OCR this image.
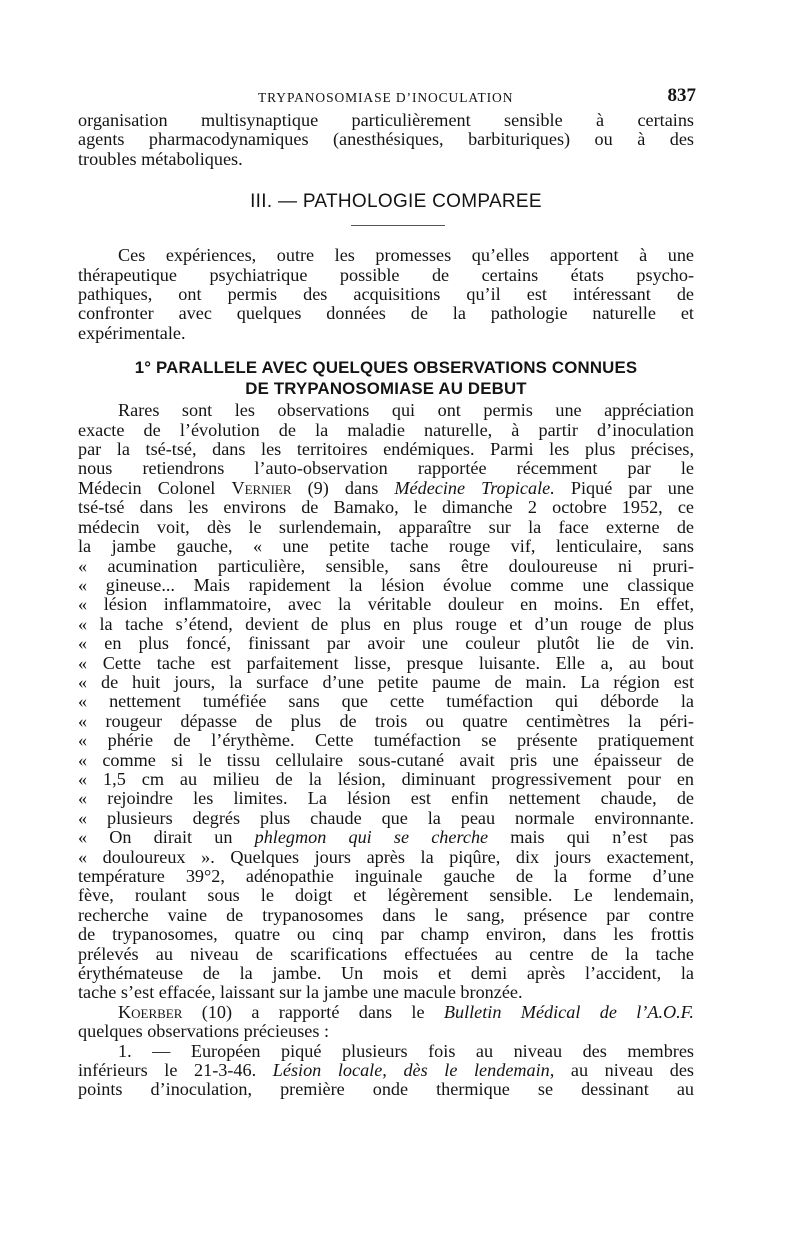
TRYPANOSOMIASE D’INOCULATION	837

organisation multisynaptique particulièrement sensible à certains
agents pharmacodynamiques (anesthésiques, barbituriques) ou à des
troubles métaboliques.

III. — PATHOLOGIE COMPAREE

Ces expériences, outre les promesses qu’elles apportent à une
thérapeutique psychiatrique possible de certains états psycho-
pathiques, ont permis des acquisitions qu’il est intéressant de
confronter avec quelques données de la pathologie naturelle et
expérimentale.

1° PARALLELE AVEC QUELQUES OBSERVATIONS CONNUES
DE TRYPANOSOMIASE AU DEBUT

Rares sont les observations qui ont permis une appréciation
exacte de l’évolution de la maladie naturelle, à partir d’inoculation
par la tsé-tsé, dans les territoires endémiques. Parmi les plus précises,
nous retiendrons l’auto-observation rapportée récemment par le
Médecin Colonel Vernier (9) dans Médecine Tropicale. Piqué par une
tsé-tsé dans les environs de Bamako, le dimanche 2 octobre 1952, ce
médecin voit, dès le surlendemain, apparaître sur la face externe de
la jambe gauche, « une petite tache rouge vif, lenticulaire, sans
« acumination particulière, sensible, sans être douloureuse ni pruri-
« gineuse... Mais rapidement la lésion évolue comme une classique
« lésion inflammatoire, avec la véritable douleur en moins. En effet,
« la tache s’étend, devient de plus en plus rouge et d’un rouge de plus
« en plus foncé, finissant par avoir une couleur plutôt lie de vin.
« Cette tache est parfaitement lisse, presque luisante. Elle a, au bout
« de huit jours, la surface d’une petite paume de main. La région est
« nettement tuméfiée sans que cette tuméfaction qui déborde la
« rougeur dépasse de plus de trois ou quatre centimètres la péri-
« phérie de l’érythème. Cette tuméfaction se présente pratiquement
« comme si le tissu cellulaire sous-cutané avait pris une épaisseur de
« 1,5 cm au milieu de la lésion, diminuant progressivement pour en
« rejoindre les limites. La lésion est enfin nettement chaude, de
« plusieurs degrés plus chaude que la peau normale environnante.
« On dirait un phlegmon qui se cherche mais qui n’est pas
« douloureux ». Quelques jours après la piqûre, dix jours exactement,
température 39°2, adénopathie inguinale gauche de la forme d’une
fève, roulant sous le doigt et légèrement sensible. Le lendemain,
recherche vaine de trypanosomes dans le sang, présence par contre
de trypanosomes, quatre ou cinq par champ environ, dans les frottis
prélevés au niveau de scarifications effectuées au centre de la tache
érythémateuse de la jambe. Un mois et demi après l’accident, la
tache s’est effacée, laissant sur la jambe une macule bronzée.

Koerber (10) a rapporté dans le Bulletin Médical de l’A.O.F.
quelques observations précieuses :

1. — Européen piqué plusieurs fois au niveau des membres
inférieurs le 21-3-46. Lésion locale, dès le lendemain, au niveau des
points d’inoculation, première onde thermique se dessinant au
